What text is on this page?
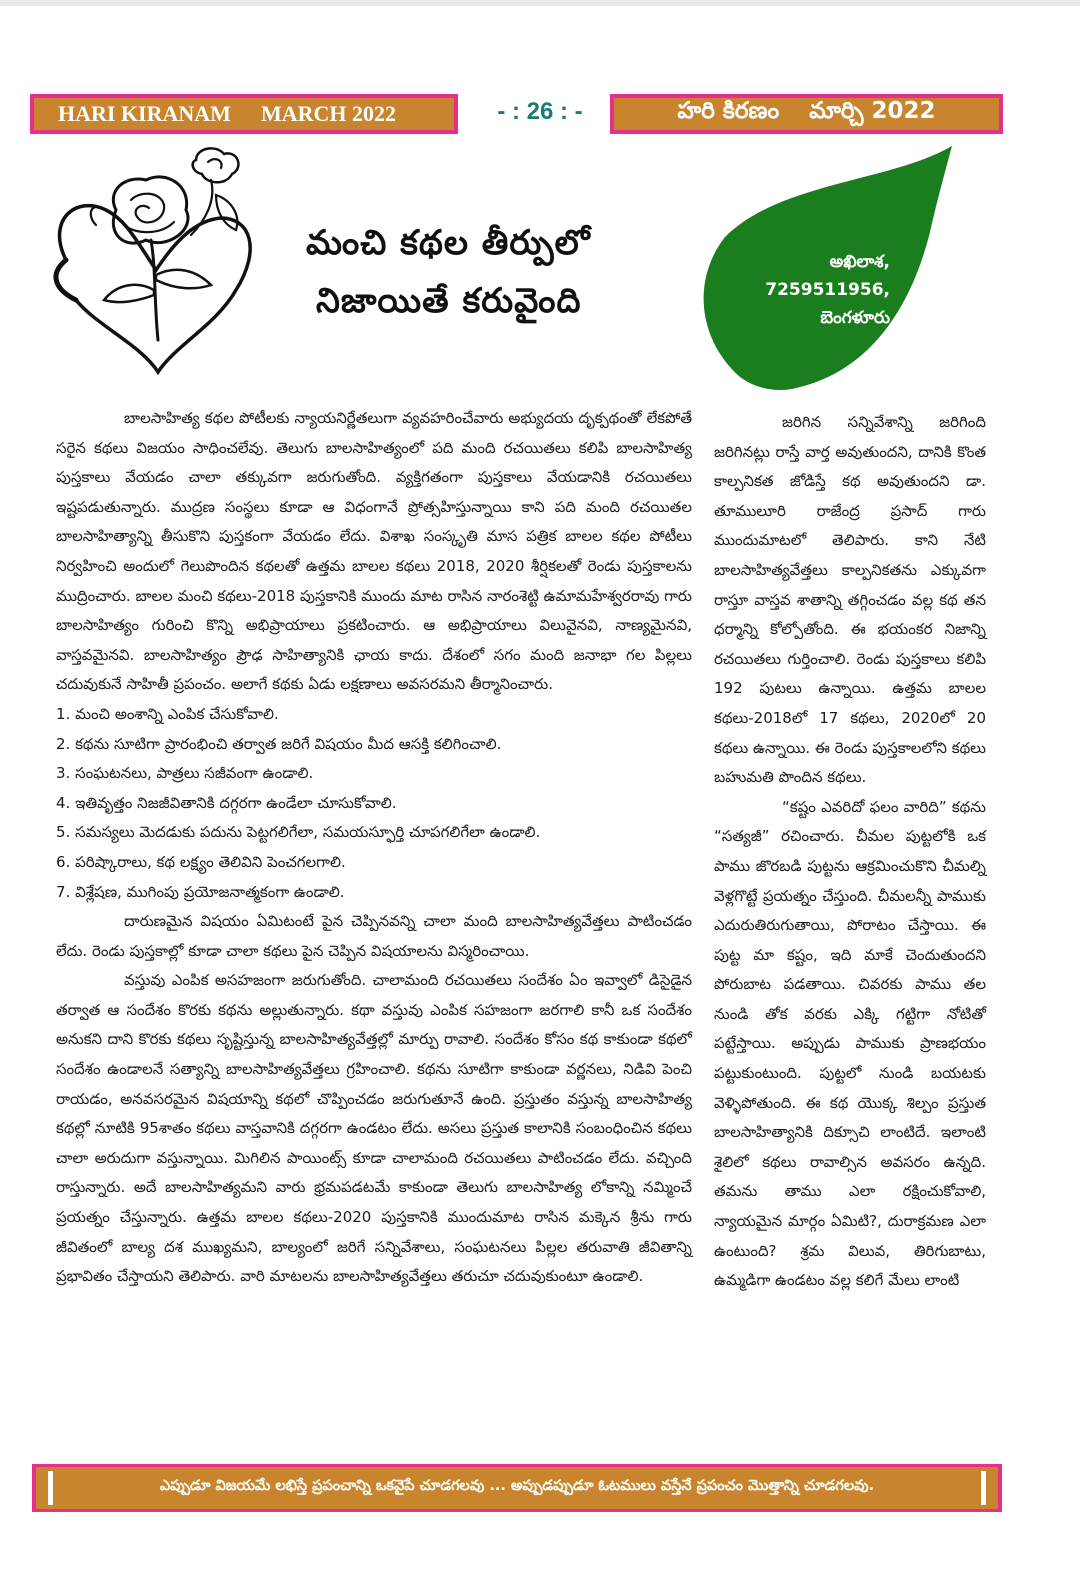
HARI KIRANAM MARCH 2022	- : 26 : -	హరి కిరణం మార్చి 2022
మంచి కథల తీర్పులో
నిజాయితే కరువైంది
అఖిలాశ,
7259511956,
బెంగళూరు

బాలసాహిత్య కథల పోటీలకు న్యాయనిర్ణేతలుగా వ్యవహరించేవారు అభ్యుదయ దృక్పథంతో లేకపోతే సరైన కథలు విజయం సాధించలేవు. తెలుగు బాలసాహిత్యంలో పది మంది రచయితలు కలిపి బాలసాహిత్య పుస్తకాలు వేయడం చాలా తక్కువగా జరుగుతోంది. వ్యక్తిగతంగా పుస్తకాలు వేయడానికి రచయితలు ఇష్టపడుతున్నారు. ముద్రణ సంస్థలు కూడా ఆ విధంగానే ప్రోత్సహిస్తున్నాయి కాని పది మంది రచయితల బాలసాహిత్యాన్ని తీసుకొని పుస్తకంగా వేయడం లేదు. విశాఖ సంస్కృతి మాస పత్రిక బాలల కథల పోటీలు నిర్వహించి అందులో గెలుపొందిన కథలతో ఉత్తమ బాలల కథలు 2018, 2020 శీర్షికలతో రెండు పుస్తకాలను ముద్రించారు. బాలల మంచి కథలు-2018 పుస్తకానికి ముందు మాట రాసిన నారంశెట్టి ఉమామహేశ్వరరావు గారు బాలసాహిత్యం గురించి కొన్ని అభిప్రాయాలు ప్రకటించారు. ఆ అభిప్రాయాలు విలువైనవి, నాణ్యమైనవి, వాస్తవమైనవి. బాలసాహిత్యం ప్రౌఢ సాహిత్యానికి ఛాయ కాదు. దేశంలో సగం మంది జనాభా గల పిల్లలు చదువుకునే సాహితీ ప్రపంచం. అలాగే కథకు ఏడు లక్షణాలు అవసరమని తీర్మానించారు.

1. మంచి అంశాన్ని ఎంపిక చేసుకోవాలి.
2. కథను సూటిగా ప్రారంభించి తర్వాత జరిగే విషయం మీద ఆసక్తి కలిగించాలి.
3. సంఘటనలు, పాత్రలు సజీవంగా ఉండాలి.
4. ఇతివృత్తం నిజజీవితానికి దగ్గరగా ఉండేలా చూసుకోవాలి.
5. సమస్యలు మెదడుకు పదును పెట్టగలిగేలా, సమయస్ఫూర్తి చూపగలిగేలా ఉండాలి.
6. పరిష్కారాలు, కథ లక్ష్యం తెలివిని పెంచగలగాలి.
7. విశ్లేషణ, ముగింపు ప్రయోజనాత్మకంగా ఉండాలి.

దారుణమైన విషయం ఏమిటంటే పైన చెప్పినవన్ని చాలా మంది బాలసాహిత్యవేత్తలు పాటించడం లేదు. రెండు పుస్తకాల్లో కూడా చాలా కథలు పైన చెప్పిన విషయాలను విస్మరించాయి.

వస్తువు ఎంపిక అసహజంగా జరుగుతోంది. చాలామంది రచయితలు సందేశం ఏం ఇవ్వాలో డిసైడైన తర్వాత ఆ సందేశం కొరకు కథను అల్లుతున్నారు. కథా వస్తువు ఎంపిక సహజంగా జరగాలి కానీ ఒక సందేశం అనుకని దాని కొరకు కథలు సృష్టిస్తున్న బాలసాహిత్యవేత్తల్లో మార్పు రావాలి. సందేశం కోసం కథ కాకుండా కథలో సందేశం ఉండాలనే సత్యాన్ని బాలసాహిత్యవేత్తలు గ్రహించాలి. కథను సూటిగా కాకుండా వర్ణనలు, నిడివి పెంచి రాయడం, అనవసరమైన విషయాన్ని కథలో చొప్పించడం జరుగుతూనే ఉంది. ప్రస్తుతం వస్తున్న బాలసాహిత్య కథల్లో నూటికి 95శాతం కథలు వాస్తవానికి దగ్గరగా ఉండటం లేదు. అసలు ప్రస్తుత కాలానికి సంబంధించిన కథలు చాలా అరుదుగా వస్తున్నాయి. మిగిలిన పాయింట్స్ కూడా చాలామంది రచయితలు పాటించడం లేదు. వచ్చింది రాస్తున్నారు. అదే బాలసాహిత్యమని వారు భ్రమపడటమే కాకుండా తెలుగు బాలసాహిత్య లోకాన్ని నమ్మించే ప్రయత్నం చేస్తున్నారు. ఉత్తమ బాలల కథలు-2020 పుస్తకానికి ముందుమాట రాసిన మక్కెన శ్రీను గారు జీవితంలో బాల్య దశ ముఖ్యమని, బాల్యంలో జరిగే సన్నివేశాలు, సంఘటనలు పిల్లల తరువాతి జీవితాన్ని ప్రభావితం చేస్తాయని తెలిపారు. వారి మాటలను బాలసాహిత్యవేత్తలు తరుచూ చదువుకుంటూ ఉండాలి.

జరిగిన సన్నివేశాన్ని జరిగింది జరిగినట్లు రాస్తే వార్త అవుతుందని, దానికి కొంత కాల్పనికత జోడిస్తే కథ అవుతుందని డా. తూములూరి రాజేంద్ర ప్రసాద్ గారు ముందుమాటలో తెలిపారు. కాని నేటి బాలసాహిత్యవేత్తలు కాల్పనికతను ఎక్కువగా రాస్తూ వాస్తవ శాతాన్ని తగ్గించడం వల్ల కథ తన ధర్మాన్ని కోల్పోతోంది. ఈ భయంకర నిజాన్ని రచయితలు గుర్తించాలి. రెండు పుస్తకాలు కలిపి 192 పుటలు ఉన్నాయి. ఉత్తమ బాలల కథలు-2018లో 17 కథలు, 2020లో 20 కథలు ఉన్నాయి. ఈ రెండు పుస్తకాలలోని కథలు బహుమతి పొందిన కథలు.

“కష్టం ఎవరిదో ఫలం వారిది” కథను “సత్యజీ” రచించారు. చీమల పుట్టలోకి ఒక పాము జొరబడి పుట్టను ఆక్రమించుకొని చీమల్ని వెళ్లగొట్టే ప్రయత్నం చేస్తుంది. చీమలన్నీ పాముకు ఎదురుతిరుగుతాయి, పోరాటం చేస్తాయి. ఈ పుట్ట మా కష్టం, ఇది మాకే చెందుతుందని పోరుబాట పడతాయి. చివరకు పాము తల నుండి తోక వరకు ఎక్కి గట్టిగా నోటితో పట్టేస్తాయి. అప్పుడు పాముకు ప్రాణభయం పట్టుకుంటుంది. పుట్టలో నుండి బయటకు వెళ్ళిపోతుంది. ఈ కథ యొక్క శిల్పం ప్రస్తుత బాలసాహిత్యానికి దిక్సూచి లాంటిదే. ఇలాంటి శైలిలో కథలు రావాల్సిన అవసరం ఉన్నది. తమను తాము ఎలా రక్షించుకోవాలి, న్యాయమైన మార్గం ఏమిటి?, దురాక్రమణ ఎలా ఉంటుంది? శ్రమ విలువ, తిరిగుబాటు, ఉమ్మడిగా ఉండటం వల్ల కలిగే మేలు లాంటి

ఎప్పుడూ విజయమే లభిస్తే ప్రపంచాన్ని ఒకవైపే చూడగలవు ... అప్పుడప్పుడూ ఓటములు వస్తేనే ప్రపంచం మొత్తాన్ని చూడగలవు.
